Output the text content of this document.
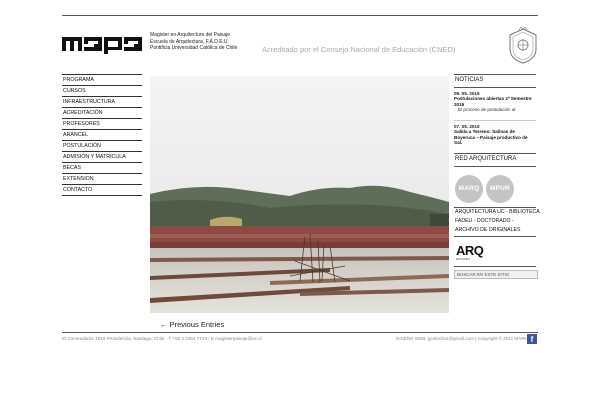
Magister en Arquitectura del Paisaje
Escuela de Arquitectura, F.A.D.E.U.
Pontificia Universidad Católica de Chile	Acreditado por el Consejo Nacional de Educación (CNED)
PROGRAMA
CURSOS
INFRAESTRUCTURA
ACREDITACIÓN
PROFESORES
ARANCEL
POSTULACIÓN
ADMISIÓN Y MATRÍCULA
BECAS
EXTENSION
CONTACTO
← Previous Entries
NOTICIAS
09. 05. 2016
Postulaciones abiertas 2º Semestre 2016
El proceso de postulación al
07. 05. 2016
Salida a Terreno: Salinas de Boyeruca – Paisaje productivo de Sal.
RED ARQUITECTURA
MARQ	MPUR
ARQUITECTURA UC - BIBLIOTECA
FADEU - DOCTORADO -
ARCHIVO DE ORIGINALES
ARQ
EDICIONES
BUSCAR EN ESTE SITIO
El Comendador 1916 Providencia, Santiago, Chile - T +56 2 2354 7713 / E magisterpaisaje@uc.cl	DISEÑO WEB: gcolectivo@gmail.com | Copyright © 2011 MAPA f
